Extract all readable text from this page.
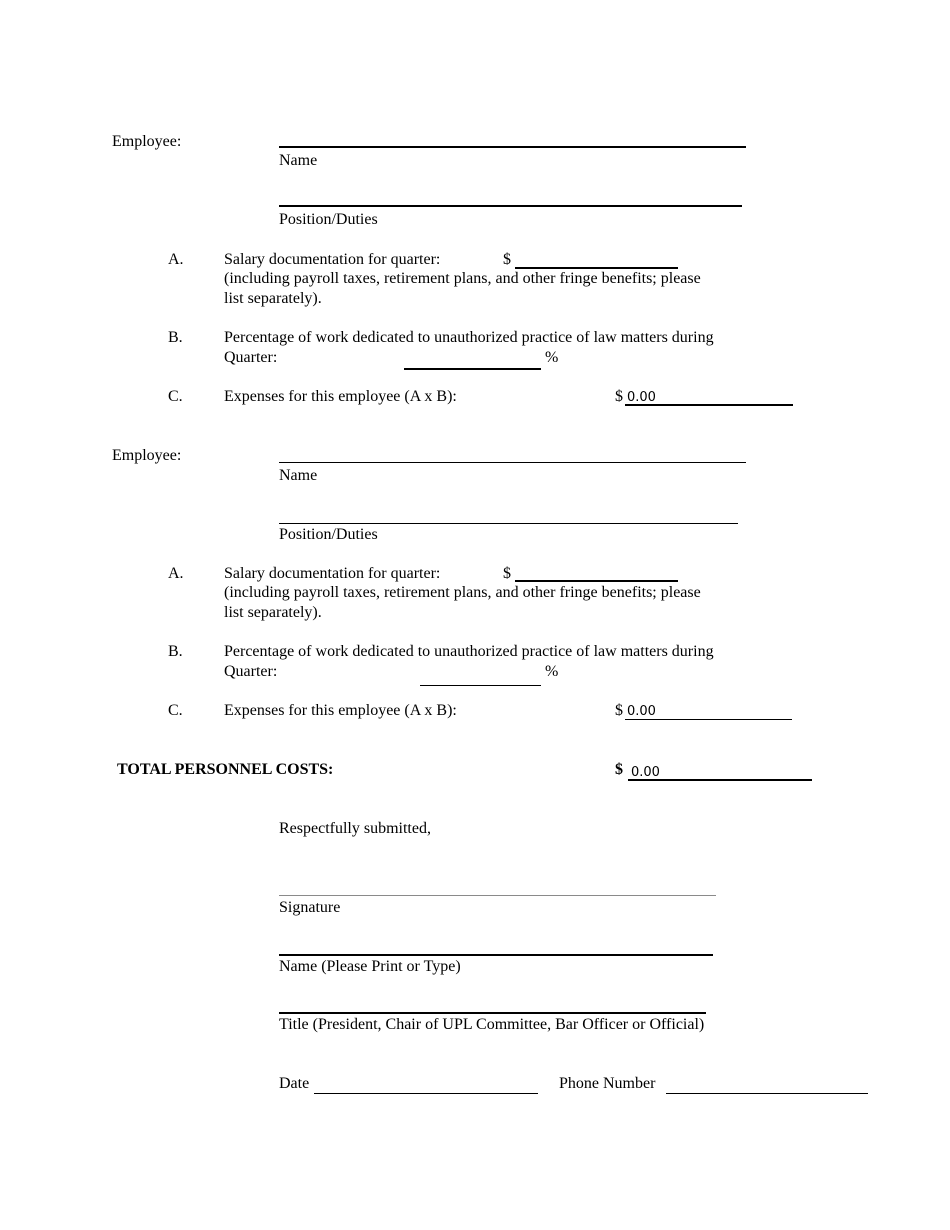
Employee:
Name
Position/Duties
A.	Salary documentation for quarter:	$
(including payroll taxes, retirement plans, and other fringe benefits; please
list separately).
B.	Percentage of work dedicated to unauthorized practice of law matters during
Quarter:	%
C.	Expenses for this employee (A x B):	$ 0.00
Employee:
Name
Position/Duties
A.	Salary documentation for quarter:	$
(including payroll taxes, retirement plans, and other fringe benefits; please
list separately).
B.	Percentage of work dedicated to unauthorized practice of law matters during
Quarter:	%
C.	Expenses for this employee (A x B):	$ 0.00
TOTAL PERSONNEL COSTS:	$ 0.00
Respectfully submitted,
Signature
Name (Please Print or Type)
Title (President, Chair of UPL Committee, Bar Officer or Official)
Date	Phone Number
